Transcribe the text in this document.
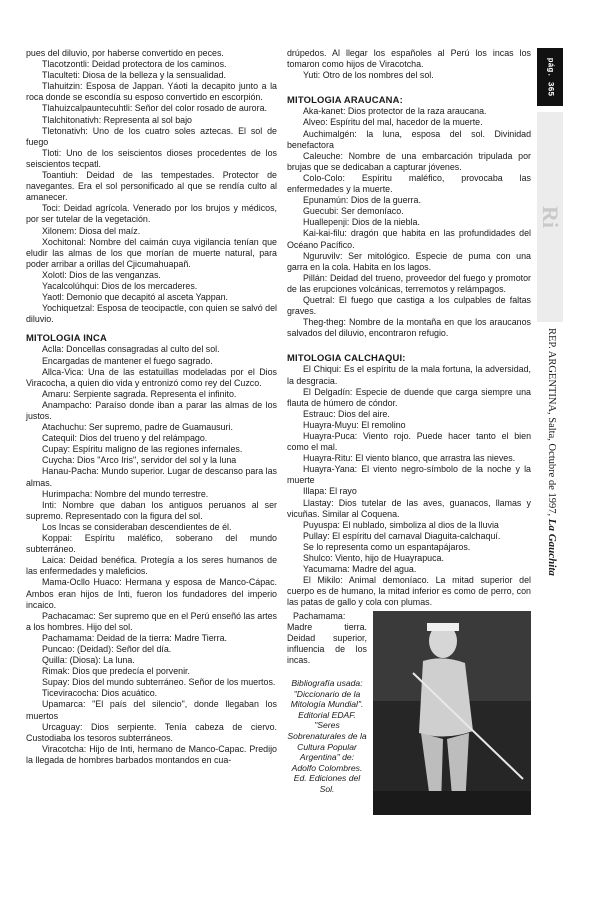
pues del diluvio, por haberse convertido en peces.

Tlacotzontli: Deidad protectora de los caminos.

Tlaculteti: Diosa de la belleza y la sensualidad.

Tlahuitzin: Esposa de Jappan. Yáoti la decapito junto a la roca donde se escondía su esposo convertido en escorpión.

Tlahuizcalpauntecuhtli: Señor del color rosado de aurora.

Tlalchitonativh: Representa al sol bajo

Tletonativh: Uno de los cuatro soles aztecas. El sol de fuego

Tloti: Uno de los seiscientos dioses procedentes de los seiscientos tecpatl.

Toantiuh: Deidad de las tempestades. Protector de navegantes. Era el sol personificado al que se rendía culto al amanecer.

Toci: Deidad agrícola. Venerado por los brujos y médicos, por ser tutelar de la vegetación.

Xilonem: Diosa del maíz.

Xochitonal: Nombre del caimán cuya vigilancia tenían que eludir las almas de los que morían de muerte natural, para poder arribar a orillas del Cjicumahuapañ.

Xolotl: Dios de las venganzas.

Yacalcolúhqui: Dios de los mercaderes.

Yaotl: Demonio que decapitó al asceta Yappan.

Yochiquetzal: Esposa de teocipactle, con quien se salvó del diluvio.

MITOLOGIA INCA

Aclla: Doncellas consagradas al culto del sol.

Encargadas de mantener el fuego sagrado.

Allca-Vica: Una de las estatuillas modeladas por el Dios Viracocha, a quien dio vida y entronizó como rey del Cuzco.

Amaru: Serpiente sagrada. Representa el infinito.

Anampacho: Paraíso donde iban a parar las almas de los justos.

Atachuchu: Ser supremo, padre de Guamausuri.

Catequil: Dios del trueno y del relámpago.

Cupay: Espíritu maligno de las regiones infernales.

Cuycha: Dios "Arco Iris", servidor del sol y la luna

Hanau-Pacha: Mundo superior. Lugar de descanso para las almas.

Hurimpacha: Nombre del mundo terrestre.

Inti: Nombre que daban los antiguos peruanos al ser supremo. Representado con la figura del sol.

Los Incas se consideraban descendientes de él.

Koppai: Espíritu maléfico, soberano del mundo subterráneo.

Laica: Deidad benéfica. Protegía a los seres humanos de las enfermedades y maleficios.

Mama-Ocllo Huaco: Hermana y esposa de Manco-Cápac. Ambos eran hijos de Inti, fueron los fundadores del imperio incaico.

Pachacamac: Ser supremo que en el Perú enseñó las artes a los hombres. Hijo del sol.

Pachamama: Deidad de la tierra: Madre Tierra.

Puncao: (Deidad): Señor del día.

Quilla: (Diosa): La luna.

Rimak: Dios que predecía el porvenir.

Supay: Dios del mundo subterráneo. Señor de los muertos.

Ticeviracocha: Dios acuático.

Upamarca: "El país del silencio", donde llegaban los muertos

Urcaguay: Dios serpiente. Tenía cabeza de ciervo. Custodiaba los tesoros subterráneos.

Viracotcha: Hijo de Inti, hermano de Manco-Capac. Predijo la llegada de hombres barbados montandos en cua-

drúpedos. Al llegar los españoles al Perú los incas los tomaron como hijos de Viracotcha.

Yuti: Otro de los nombres del sol.

MITOLOGIA ARAUCANA:

Aka-kanet: Dios protector de la raza araucana.

Alveo: Espíritu del mal, hacedor de la muerte.

Auchimalgén: la luna, esposa del sol. Divinidad benefactora

Caleuche: Nombre de una embarcación tripulada por brujas que se dedicaban a capturar jóvenes.

Colo-Colo: Espíritu maléfico, provocaba las enfermedades y la muerte.

Epunamún: Dios de la guerra.

Guecubi: Ser demoníaco.

Huallepenji: Dios de la niebla.

Kai-kai-filu: dragón que habita en las profundidades del Océano Pacífico.

Nguruvilv: Ser mitológico. Especie de puma con una garra en la cola. Habita en los lagos.

Pillán: Deidad del trueno, proveedor del fuego y promotor de las erupciones volcánicas, terremotos y relámpagos.

Quetral: El fuego que castiga a los culpables de faltas graves.

Theg-theg: Nombre de la montaña en que los araucanos salvados del diluvio, encontraron refugio.

MITOLOGIA CALCHAQUI:

El Chiqui: Es el espíritu de la mala fortuna, la adversidad, la desgracia.

El Delgadín: Especie de duende que carga siempre una flauta de húmero de cóndor.

Estrauc: Dios del aire.

Huayra-Muyu: El remolino

Huayra-Puca: Viento rojo. Puede hacer tanto el bien como el mal.

Huayra-Ritu: El viento blanco, que arrastra las nieves.

Huayra-Yana: El viento negro-símbolo de la noche y la muerte

Illapa: El rayo

Llastay: Dios tutelar de las aves, guanacos, llamas y vicuñas. Similar al Coquena.

Puyuspa: El nublado, simboliza al dios de la lluvia

Pullay: El espíritu del carnaval Diaguita-calchaquí.

Se lo representa como un espantapájaros.

Shulco: Viento, hijo de Huayrapuca.

Yacumama: Madre del agua.

El Mikilo: Animal demoníaco. La mitad superior del cuerpo es de humano, la mitad inferior es como de perro, con las patas de gallo y cola con plumas.

Pachamama: Madre tierra. Deidad superior, influencia de los incas.

Bibliografía usada:

"Diccionario de la Mitología Mundial". Editorial EDAF.

"Seres Sobrenaturales de la Cultura Popular Argentina" de: Adolfo Colombres. Ed. Ediciones del Sol.

pág. 365
Ri
REP. ARGENTINA, Salta, Octubre de 1997, La Gauchita
